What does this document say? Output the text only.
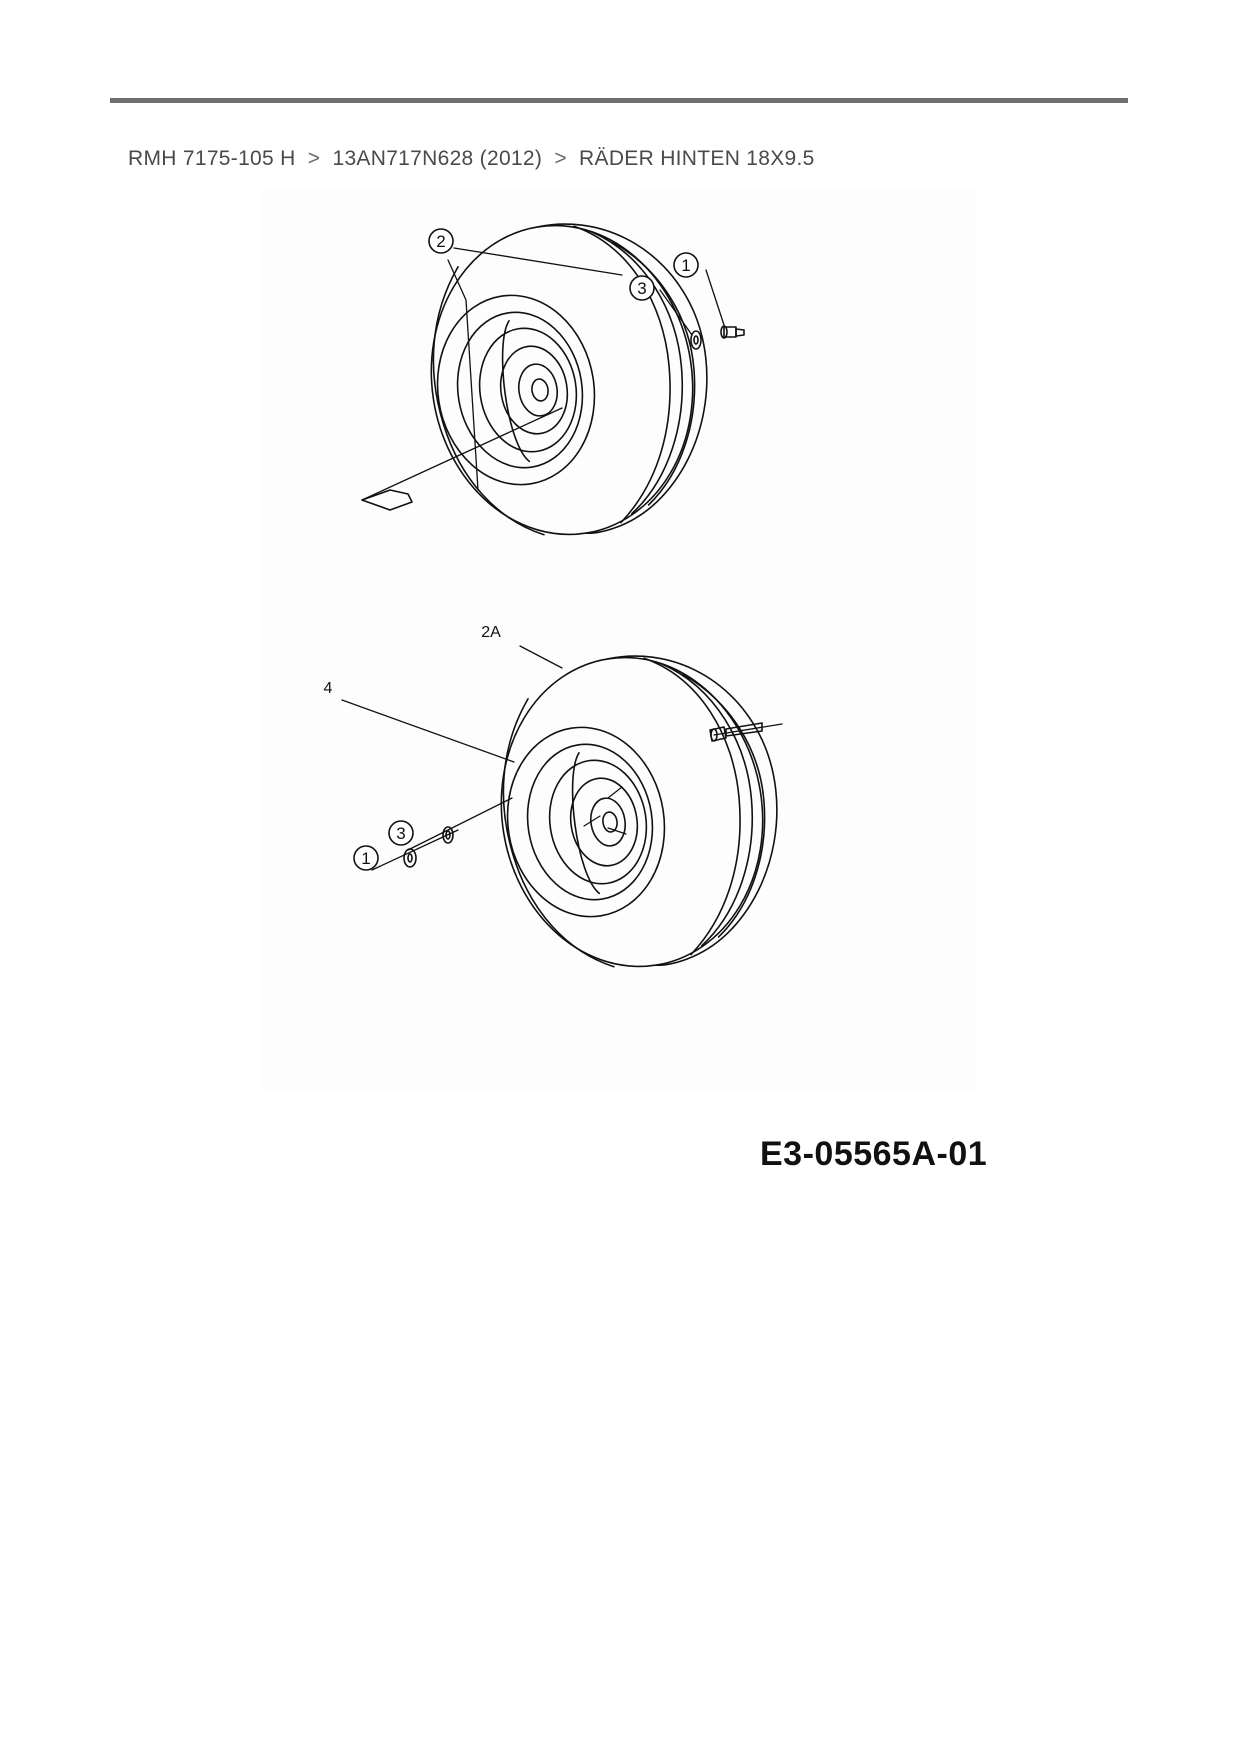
RMH 7175-105 H > 13AN717N628 (2012) > RÄDER HINTEN 18X9.5
2
1
3
2A
4
1
3
E3-05565A-01
